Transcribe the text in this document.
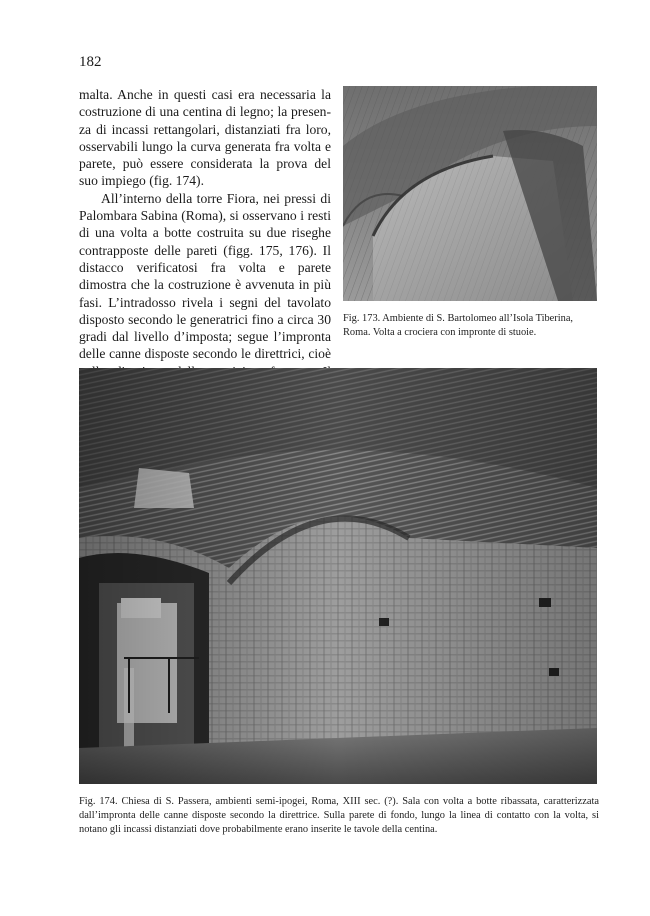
182

malta. Anche in questi casi era necessaria la costruzione di una centina di legno; la presenza di incassi rettangolari, distanziati fra loro, osservabili lungo la curva generata fra volta e parete, può essere considerata la prova del suo impiego (fig. 174).

All’interno della torre Fiora, nei pressi di Palombara Sabina (Roma), si osservano i resti di una volta a botte costruita su due riseghe contrapposte delle pareti (figg. 175, 176). Il distacco verificatosi fra volta e parete dimostra che la costruzione è avvenuta in più fasi. L’intradosso rivela i segni del tavolato disposto secondo le generatrici fino a circa 30 gradi dal livello d’imposta; segue l’impronta delle canne disposte secondo le direttrici, cioè

Fig. 173. Ambiente di S. Bartolomeo all’Isola Tiberina, Roma. Volta a crociera con impronte di stuoie.
Fig. 174. Chiesa di S. Passera, ambienti semi-ipogei, Roma, XIII sec. (?). Sala con volta a botte ribassata, caratterizzata dall’impronta delle canne disposte secondo la direttrice. Sulla parete di fondo, lungo la linea di contatto con la volta, si notano gli incassi distanziati dove probabilmente erano inserite le tavole della centina.
